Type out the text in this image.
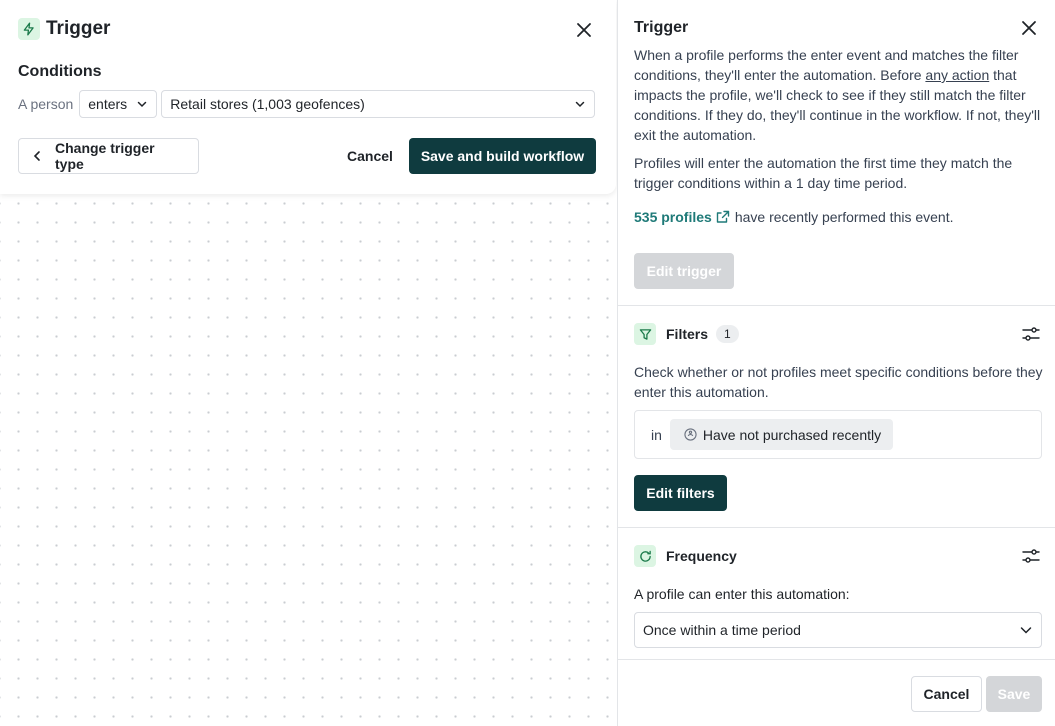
Trigger
Conditions
A person enters	Retail stores (1,003 geofences)
Change trigger type	Cancel	Save and build workflow
Trigger
When a profile performs the enter event and matches the filter conditions, they'll enter the automation. Before any action that impacts the profile, we'll check to see if they still match the filter conditions. If they do, they'll continue in the workflow. If not, they'll exit the automation.
Profiles will enter the automation the first time they match the trigger conditions within a 1 day time period.
535 profiles have recently performed this event.
Edit trigger
Filters	1
Check whether or not profiles meet specific conditions before they enter this automation.
in	Have not purchased recently
Edit filters
Frequency
A profile can enter this automation:
Once within a time period
Cancel	Save
